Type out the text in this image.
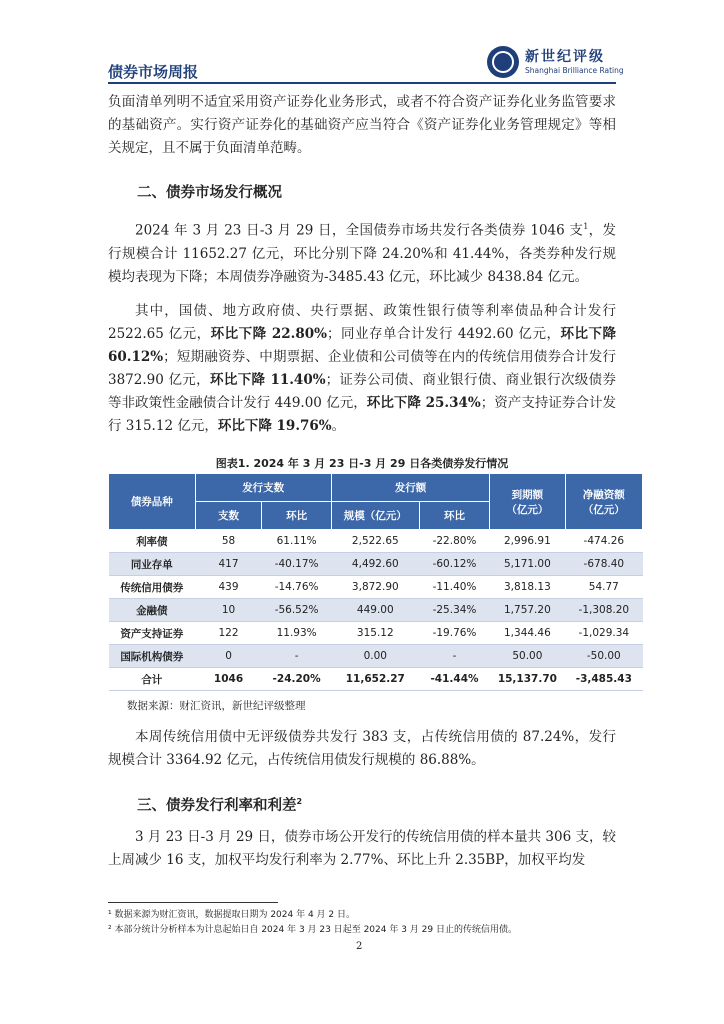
债券市场周报
新世纪评级
Shanghai Brilliance Rating

负面清单列明不适宜采用资产证券化业务形式，或者不符合资产证券化业务监管要求的基础资产。实行资产证券化的基础资产应当符合《资产证券化业务管理规定》等相关规定，且不属于负面清单范畴。

二、债券市场发行概况

2024 年 3 月 23 日-3 月 29 日，全国债券市场共发行各类债券 1046 支$^1$，发行规模合计 11652.27 亿元，环比分别下降 24.20%和 41.44%，各类券种发行规模均表现为下降；本周债券净融资为-3485.43 亿元，环比减少 8438.84 亿元。

其中，国债、地方政府债、央行票据、政策性银行债等利率债品种合计发行 2522.65 亿元，环比下降 22.80%；同业存单合计发行 4492.60 亿元，环比下降 60.12%；短期融资券、中期票据、企业债和公司债等在内的传统信用债券合计发行 3872.90 亿元，环比下降 11.40%；证券公司债、商业银行债、商业银行次级债券等非政策性金融债合计发行 449.00 亿元，环比下降 25.34%；资产支持证券合计发行 315.12 亿元，环比下降 19.76%。

图表1. 2024 年 3 月 23 日-3 月 29 日各类债券发行情况
债券品种	发行支数		发行额		到期额
（亿元）	净融资额
（亿元）
	支数	环比	规模（亿元）	环比		
利率债	58	61.11%	2,522.65	-22.80%	2,996.91	-474.26
同业存单	417	-40.17%	4,492.60	-60.12%	5,171.00	-678.40
传统信用债券	439	-14.76%	3,872.90	-11.40%	3,818.13	54.77
金融债	10	-56.52%	449.00	-25.34%	1,757.20	-1,308.20
资产支持证券	122	11.93%	315.12	-19.76%	1,344.46	-1,029.34
国际机构债券	0	-	0.00	-	50.00	-50.00
合计	1046	-24.20%	11,652.27	-41.44%	15,137.70	-3,485.43
数据来源：财汇资讯，新世纪评级整理

本周传统信用债中无评级债券共发行 383 支，占传统信用债的 87.24%，发行规模合计 3364.92 亿元，占传统信用债发行规模的 86.88%。

三、债券发行利率和利差$^2$

3 月 23 日-3 月 29 日，债券市场公开发行的传统信用债的样本量共 306 支，较上周减少 16 支，加权平均发行利率为 2.77%、环比上升 2.35BP，加权平均发

¹ 数据来源为财汇资讯，数据提取日期为 2024 年 4 月 2 日。
² 本部分统计分析样本为计息起始日自 2024 年 3 月 23 日起至 2024 年 3 月 29 日止的传统信用债。
2
